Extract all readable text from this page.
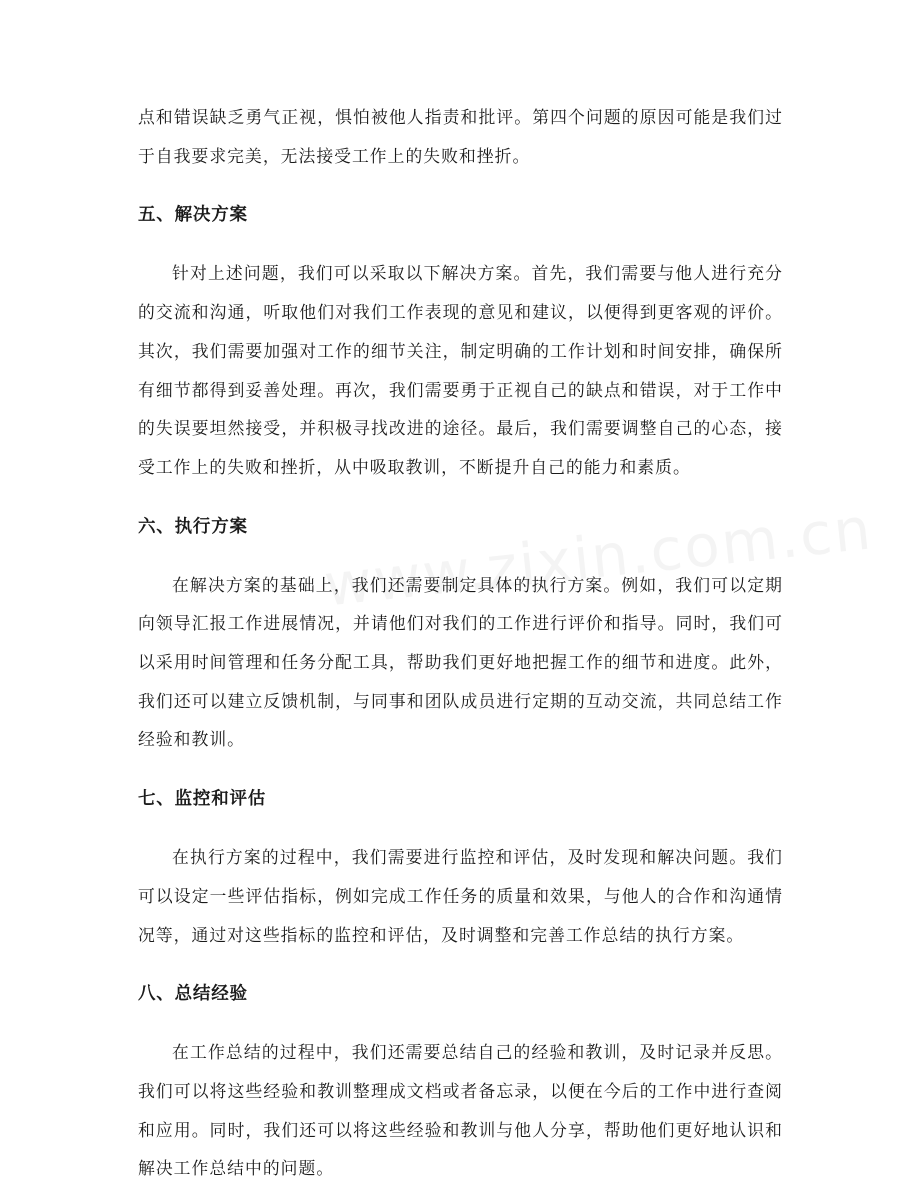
点和错误缺乏勇气正视，惧怕被他人指责和批评。第四个问题的原因可能是我们过于自我要求完美，无法接受工作上的失败和挫折。

五、解决方案

针对上述问题，我们可以采取以下解决方案。首先，我们需要与他人进行充分的交流和沟通，听取他们对我们工作表现的意见和建议，以便得到更客观的评价。其次，我们需要加强对工作的细节关注，制定明确的工作计划和时间安排，确保所有细节都得到妥善处理。再次，我们需要勇于正视自己的缺点和错误，对于工作中的失误要坦然接受，并积极寻找改进的途径。最后，我们需要调整自己的心态，接受工作上的失败和挫折，从中吸取教训，不断提升自己的能力和素质。

六、执行方案

在解决方案的基础上，我们还需要制定具体的执行方案。例如，我们可以定期向领导汇报工作进展情况，并请他们对我们的工作进行评价和指导。同时，我们可以采用时间管理和任务分配工具，帮助我们更好地把握工作的细节和进度。此外，我们还可以建立反馈机制，与同事和团队成员进行定期的互动交流，共同总结工作经验和教训。

七、监控和评估

在执行方案的过程中，我们需要进行监控和评估，及时发现和解决问题。我们可以设定一些评估指标，例如完成工作任务的质量和效果，与他人的合作和沟通情况等，通过对这些指标的监控和评估，及时调整和完善工作总结的执行方案。

八、总结经验

在工作总结的过程中，我们还需要总结自己的经验和教训，及时记录并反思。我们可以将这些经验和教训整理成文档或者备忘录，以便在今后的工作中进行查阅和应用。同时，我们还可以将这些经验和教训与他人分享，帮助他们更好地认识和解决工作总结中的问题。
